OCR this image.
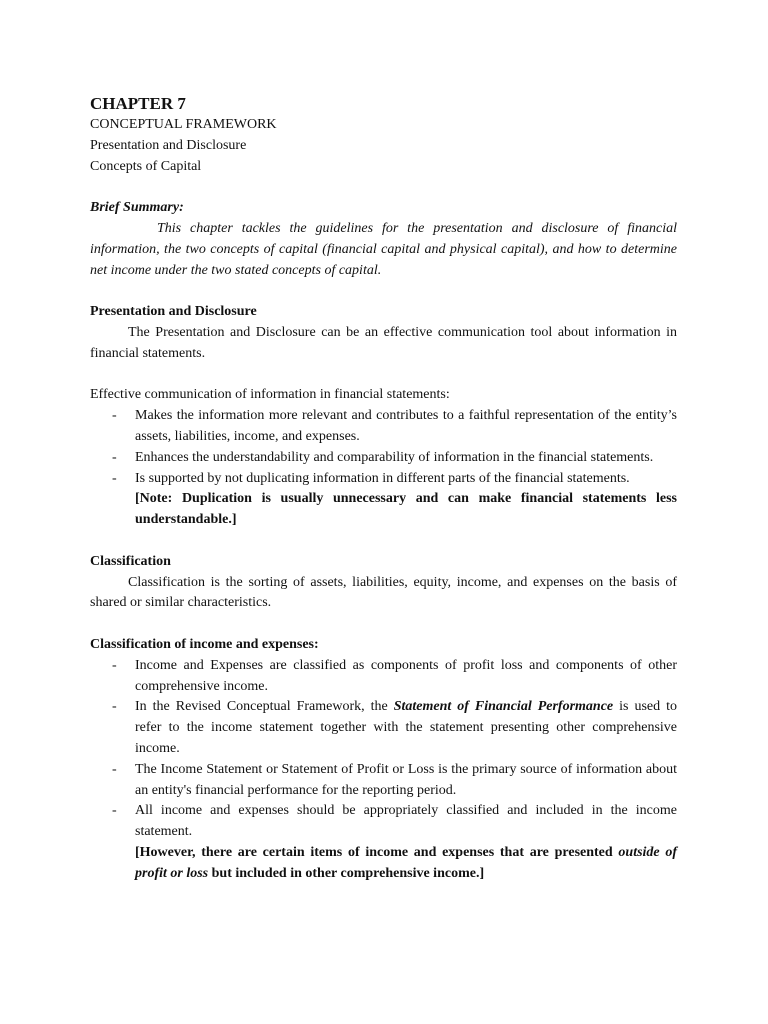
CHAPTER 7

CONCEPTUAL FRAMEWORK

Presentation and Disclosure

Concepts of Capital

Brief Summary:

This chapter tackles the guidelines for the presentation and disclosure of financial information, the two concepts of capital (financial capital and physical capital), and how to determine net income under the two stated concepts of capital.

Presentation and Disclosure

The Presentation and Disclosure can be an effective communication tool about information in financial statements.

Effective communication of information in financial statements:

- Makes the information more relevant and contributes to a faithful representation of the entity’s assets, liabilities, income, and expenses.
- Enhances the understandability and comparability of information in the financial statements.
- Is supported by not duplicating information in different parts of the financial statements.

[Note: Duplication is usually unnecessary and can make financial statements less understandable.]

Classification

Classification is the sorting of assets, liabilities, equity, income, and expenses on the basis of shared or similar characteristics.

Classification of income and expenses:

- Income and Expenses are classified as components of profit loss and components of other comprehensive income.
- In the Revised Conceptual Framework, the Statement of Financial Performance is used to refer to the income statement together with the statement presenting other comprehensive income.
- The Income Statement or Statement of Profit or Loss is the primary source of information about an entity's financial performance for the reporting period.
- All income and expenses should be appropriately classified and included in the income statement.

[However, there are certain items of income and expenses that are presented outside of profit or loss but included in other comprehensive income.]
